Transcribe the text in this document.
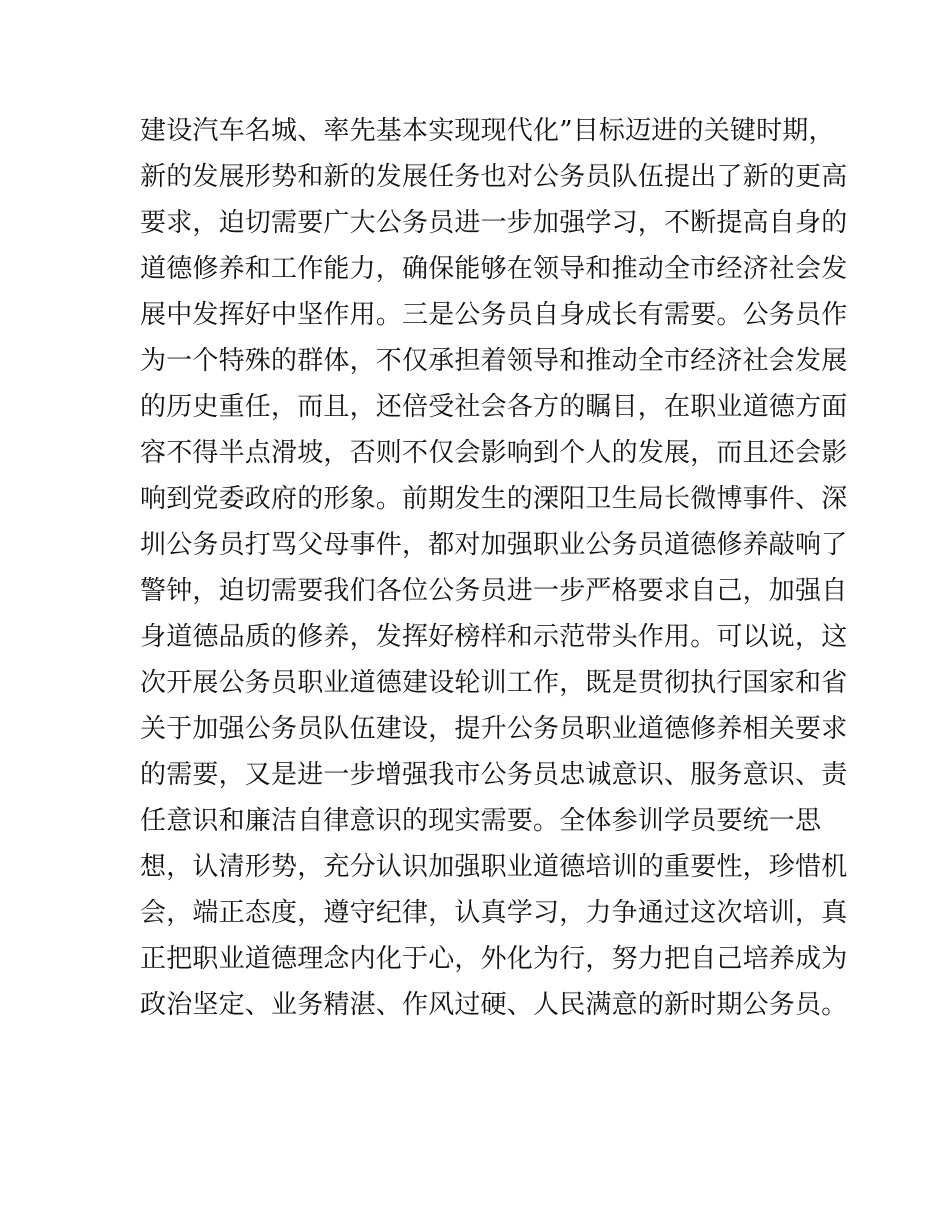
建设汽车名城、率先基本实现现代化”目标迈进的关键时期，
新的发展形势和新的发展任务也对公务员队伍提出了新的更高
要求，迫切需要广大公务员进一步加强学习，不断提高自身的
道德修养和工作能力，确保能够在领导和推动全市经济社会发
展中发挥好中坚作用。三是公务员自身成长有需要。公务员作
为一个特殊的群体，不仅承担着领导和推动全市经济社会发展
的历史重任，而且，还倍受社会各方的瞩目，在职业道德方面
容不得半点滑坡，否则不仅会影响到个人的发展，而且还会影
响到党委政府的形象。前期发生的溧阳卫生局长微博事件、深
圳公务员打骂父母事件，都对加强职业公务员道德修养敲响了
警钟，迫切需要我们各位公务员进一步严格要求自己，加强自
身道德品质的修养，发挥好榜样和示范带头作用。可以说，这
次开展公务员职业道德建设轮训工作，既是贯彻执行国家和省
关于加强公务员队伍建设，提升公务员职业道德修养相关要求
的需要，又是进一步增强我市公务员忠诚意识、服务意识、责
任意识和廉洁自律意识的现实需要。全体参训学员要统一思
想，认清形势，充分认识加强职业道德培训的重要性，珍惜机
会，端正态度，遵守纪律，认真学习，力争通过这次培训，真
正把职业道德理念内化于心，外化为行，努力把自己培养成为
政治坚定、业务精湛、作风过硬、人民满意的新时期公务员。
